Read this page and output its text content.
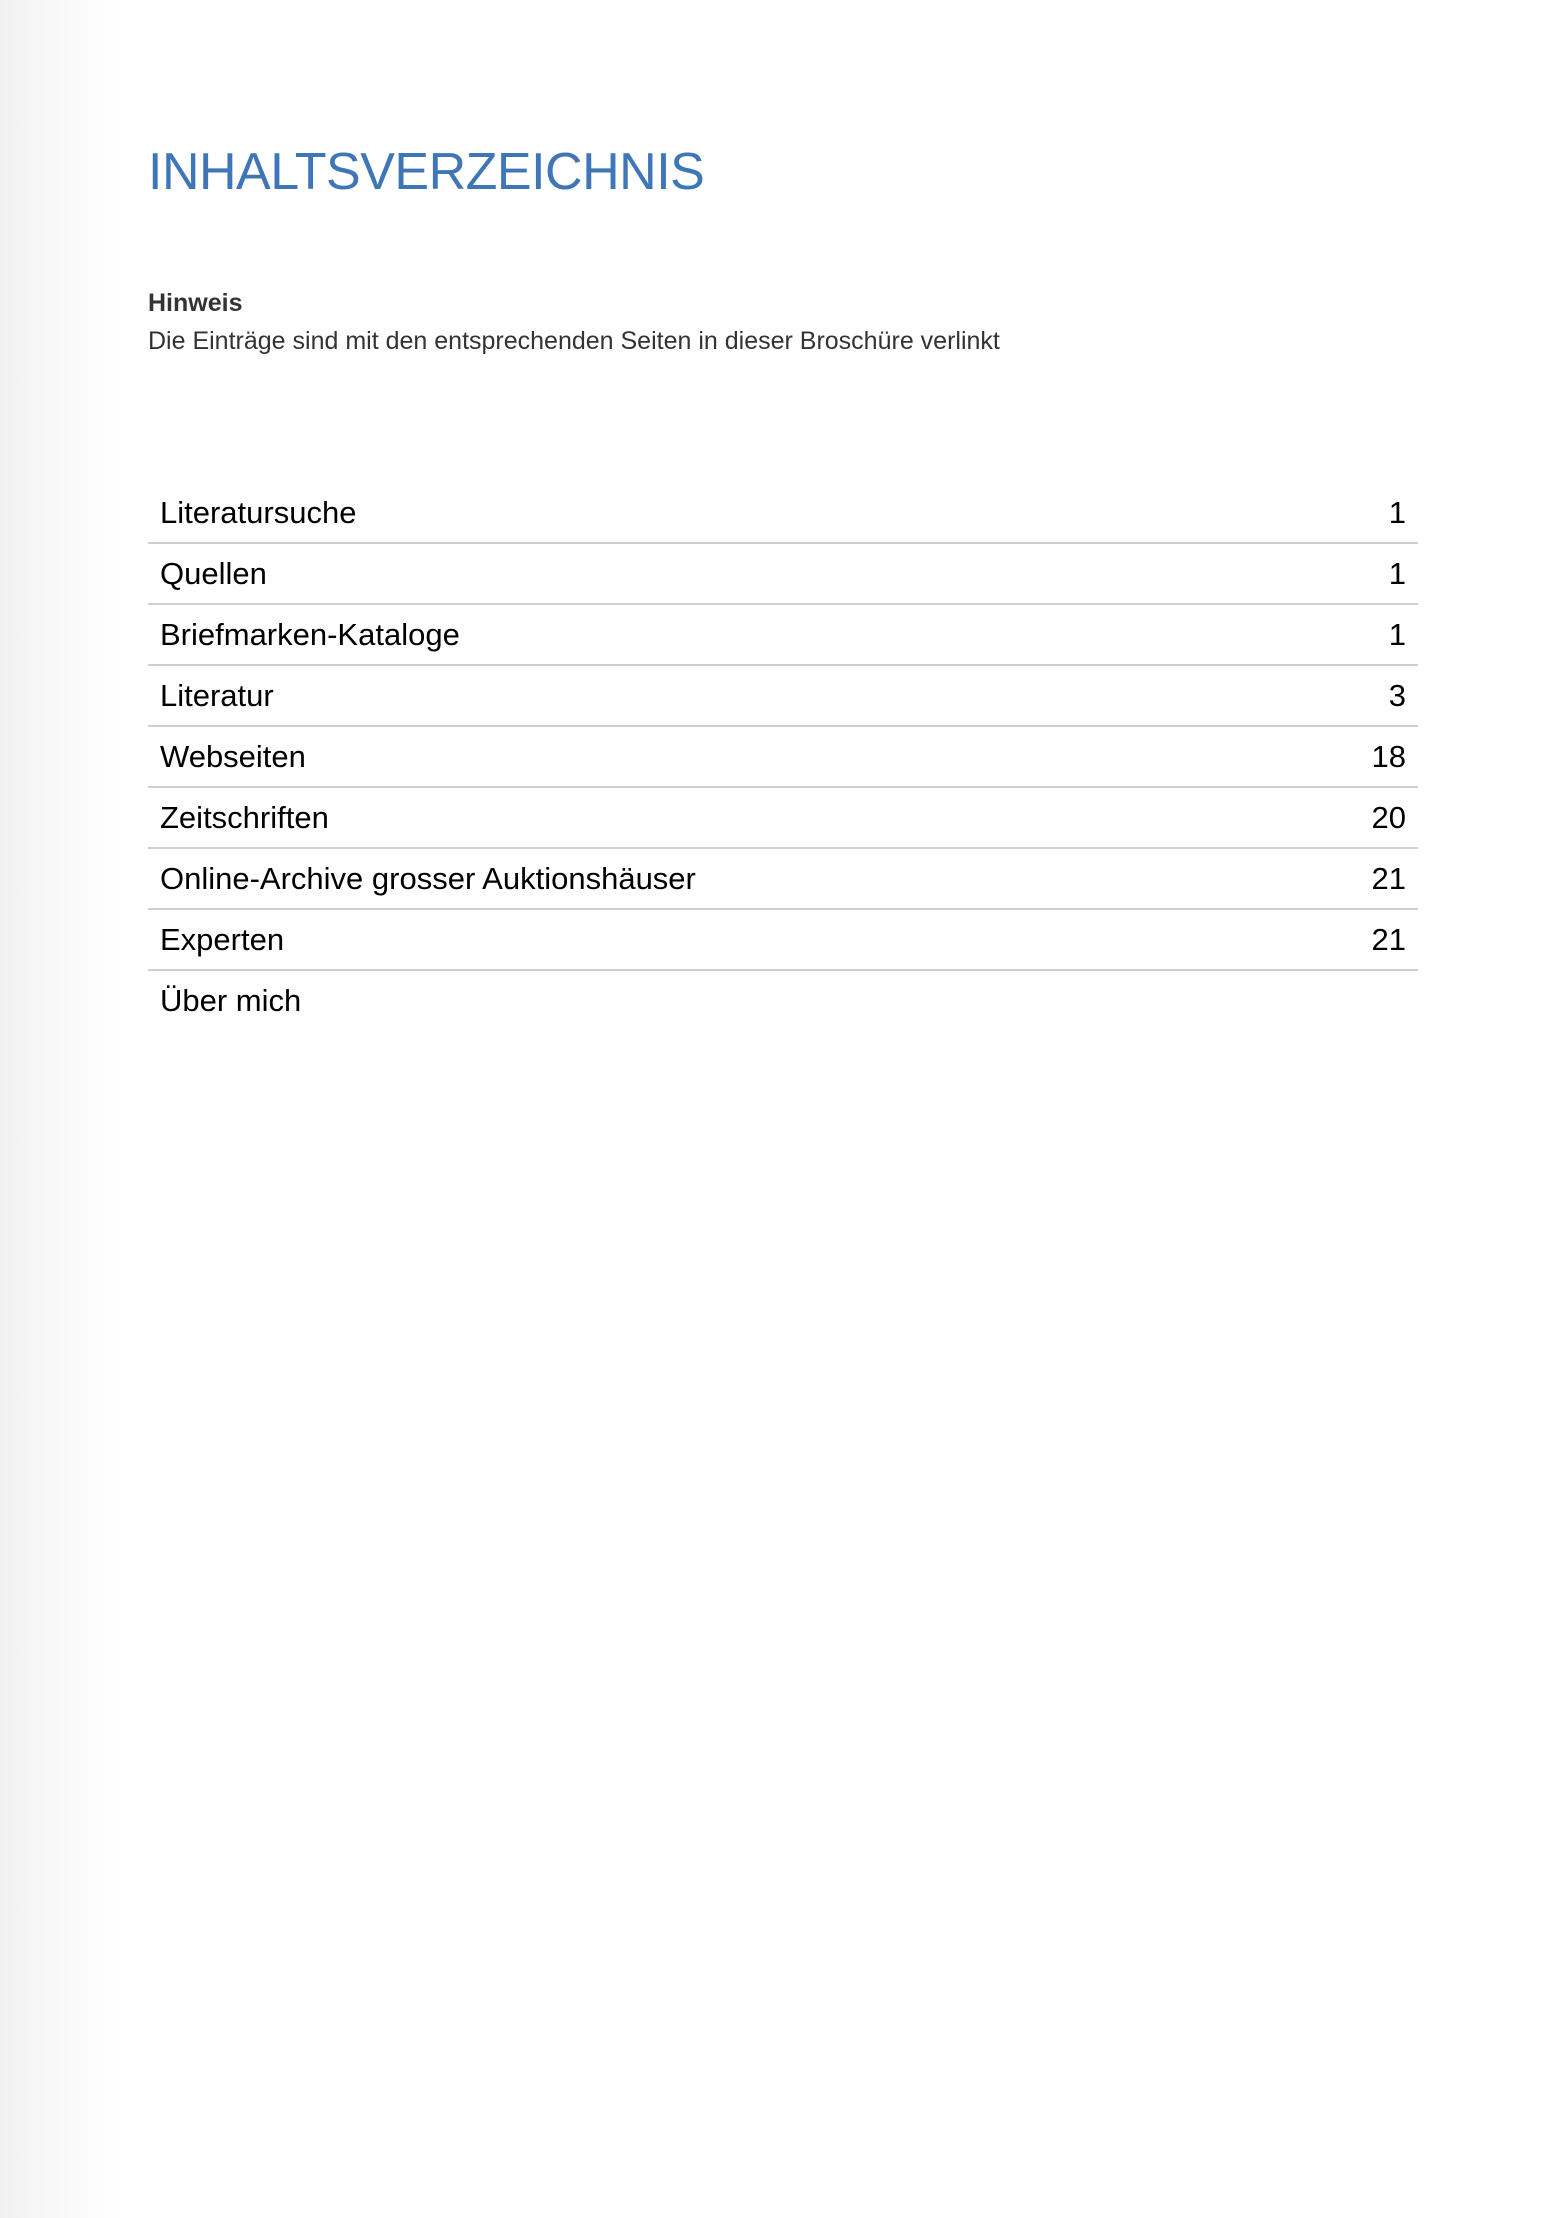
INHALTSVERZEICHNIS
Hinweis
Die Einträge sind mit den entsprechenden Seiten in dieser Broschüre verlinkt
Literatursuche	1
Quellen	1
Briefmarken-Kataloge	1
Literatur	3
Webseiten	18
Zeitschriften	20
Online-Archive grosser Auktionshäuser	21
Experten	21
Über mich
